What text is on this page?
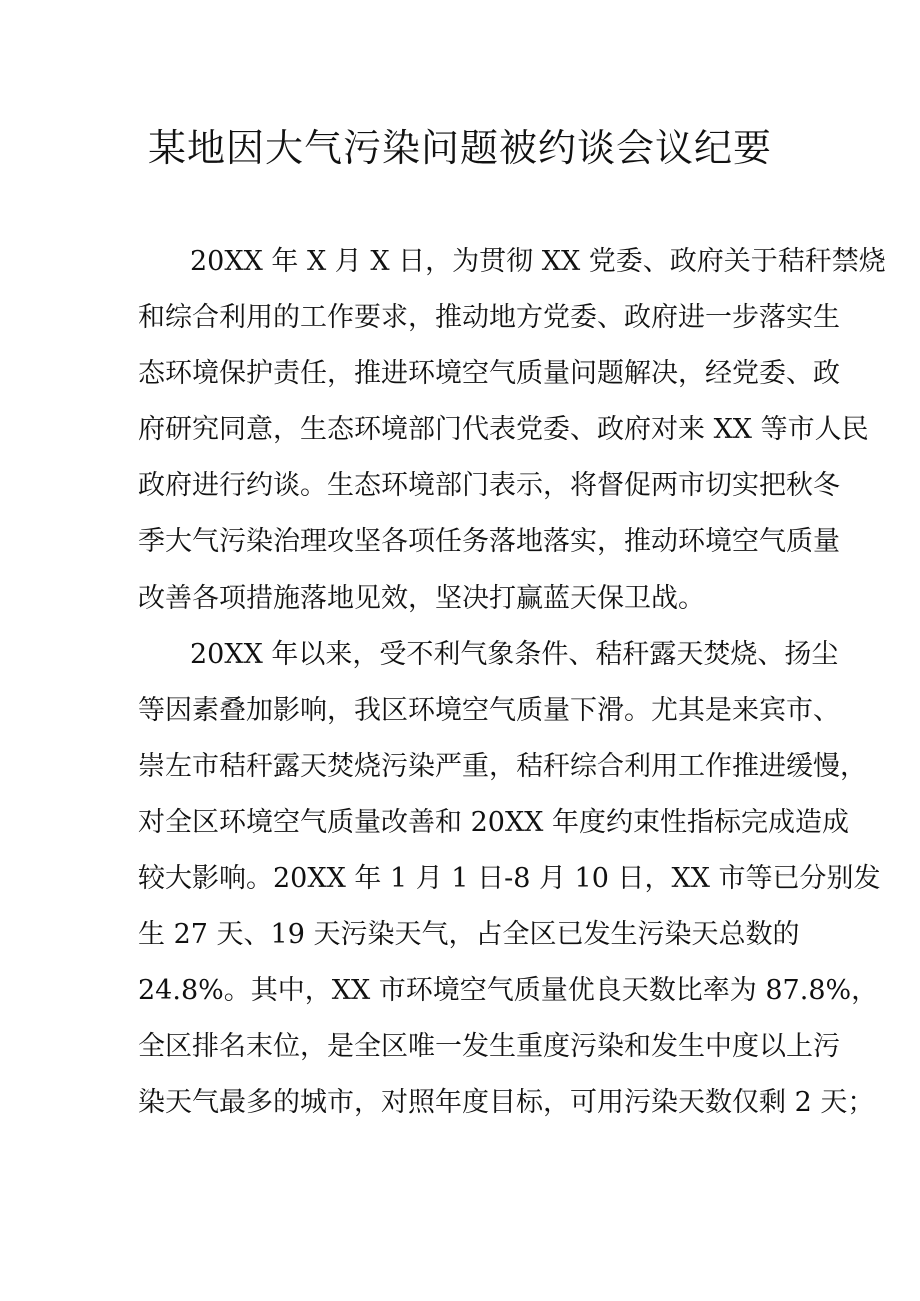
某地因大气污染问题被约谈会议纪要
20XX 年 X 月 X 日，为贯彻 XX 党委、政府关于秸秆禁烧
和综合利用的工作要求，推动地方党委、政府进一步落实生
态环境保护责任，推进环境空气质量问题解决，经党委、政
府研究同意，生态环境部门代表党委、政府对来 XX 等市人民
政府进行约谈。生态环境部门表示，将督促两市切实把秋冬
季大气污染治理攻坚各项任务落地落实，推动环境空气质量
改善各项措施落地见效，坚决打赢蓝天保卫战。
20XX 年以来，受不利气象条件、秸秆露天焚烧、扬尘
等因素叠加影响，我区环境空气质量下滑。尤其是来宾市、
崇左市秸秆露天焚烧污染严重，秸秆综合利用工作推进缓慢，
对全区环境空气质量改善和 20XX 年度约束性指标完成造成
较大影响。20XX 年 1 月 1 日-8 月 10 日，XX 市等已分别发
生 27 天、19 天污染天气，占全区已发生污染天总数的
24.8%。其中，XX 市环境空气质量优良天数比率为 87.8%，
全区排名末位，是全区唯一发生重度污染和发生中度以上污
染天气最多的城市，对照年度目标，可用污染天数仅剩 2 天；
